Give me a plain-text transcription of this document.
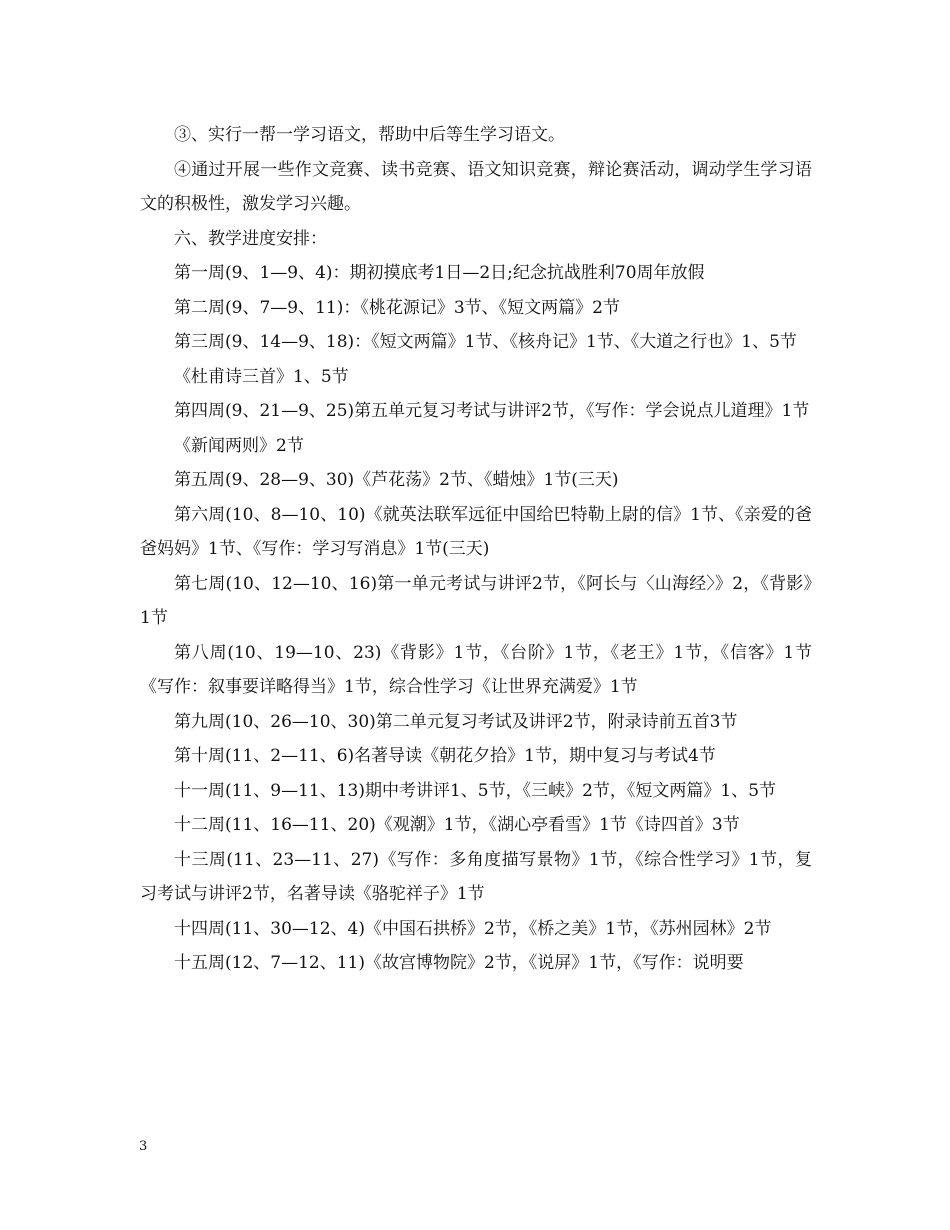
③、实行一帮一学习语文，帮助中后等生学习语文。

④通过开展一些作文竞赛、读书竞赛、语文知识竞赛，辩论赛活动，调动学生学习语文的积极性，激发学习兴趣。

六、教学进度安排：

第一周(9、1—9、4)：期初摸底考1日—2日;纪念抗战胜利70周年放假

第二周(9、7—9、11)：《桃花源记》3节、《短文两篇》2节

第三周(9、14—9、18)：《短文两篇》1节、《核舟记》1节、《大道之行也》1、5节

《杜甫诗三首》1、5节

第四周(9、21—9、25)第五单元复习考试与讲评2节，《写作：学会说点儿道理》1节

《新闻两则》2节

第五周(9、28—9、30)《芦花荡》2节、《蜡烛》1节(三天)

第六周(10、8—10、10)《就英法联军远征中国给巴特勒上尉的信》1节、《亲爱的爸爸妈妈》1节、《写作：学习写消息》1节(三天)

第七周(10、12—10、16)第一单元考试与讲评2节，《阿长与〈山海经〉》2，《背影》1节

第八周(10、19—10、23)《背影》1节，《台阶》1节，《老王》1节，《信客》1节《写作：叙事要详略得当》1节，综合性学习《让世界充满爱》1节

第九周(10、26—10、30)第二单元复习考试及讲评2节，附录诗前五首3节

第十周(11、2—11、6)名著导读《朝花夕拾》1节，期中复习与考试4节

十一周(11、9—11、13)期中考讲评1、5节，《三峡》2节，《短文两篇》1、5节

十二周(11、16—11、20)《观潮》1节，《湖心亭看雪》1节《诗四首》3节

十三周(11、23—11、27)《写作：多角度描写景物》1节，《综合性学习》1节，复习考试与讲评2节，名著导读《骆驼祥子》1节

十四周(11、30—12、4)《中国石拱桥》2节，《桥之美》1节，《苏州园林》2节

十五周(12、7—12、11)《故宫博物院》2节，《说屏》1节，《写作：说明要

3
